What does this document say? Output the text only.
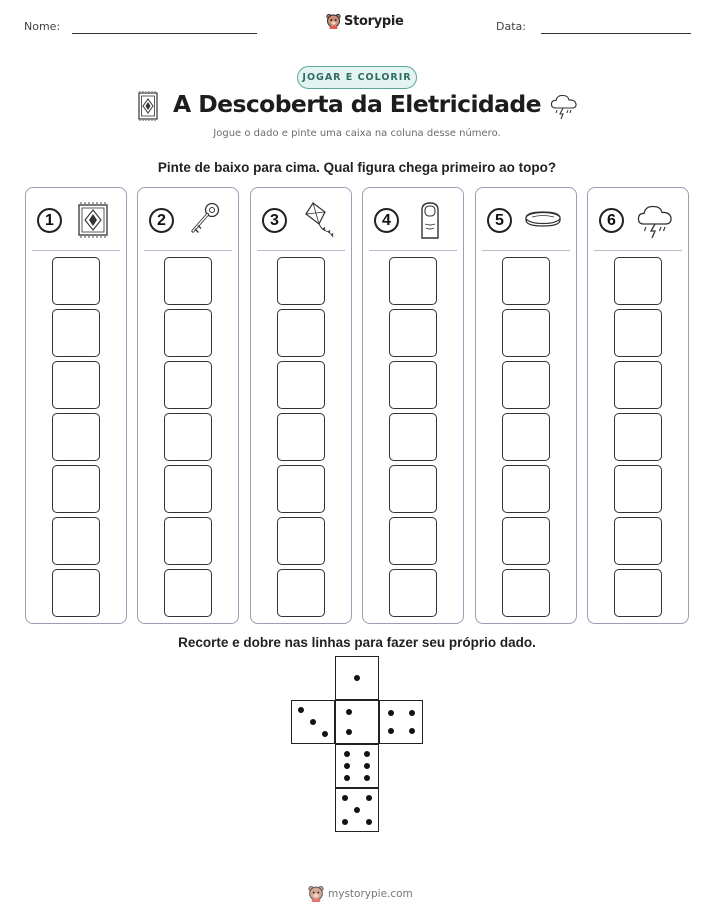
Nome:	Data:
Storypie
JOGAR E COLORIR
A Descoberta da Eletricidade
Jogue o dado e pinte uma caixa na coluna desse número.
Pinte de baixo para cima. Qual figura chega primeiro ao topo?
1	2	3	4	5	6
Recorte e dobre nas linhas para fazer seu próprio dado.
mystorypie.com
